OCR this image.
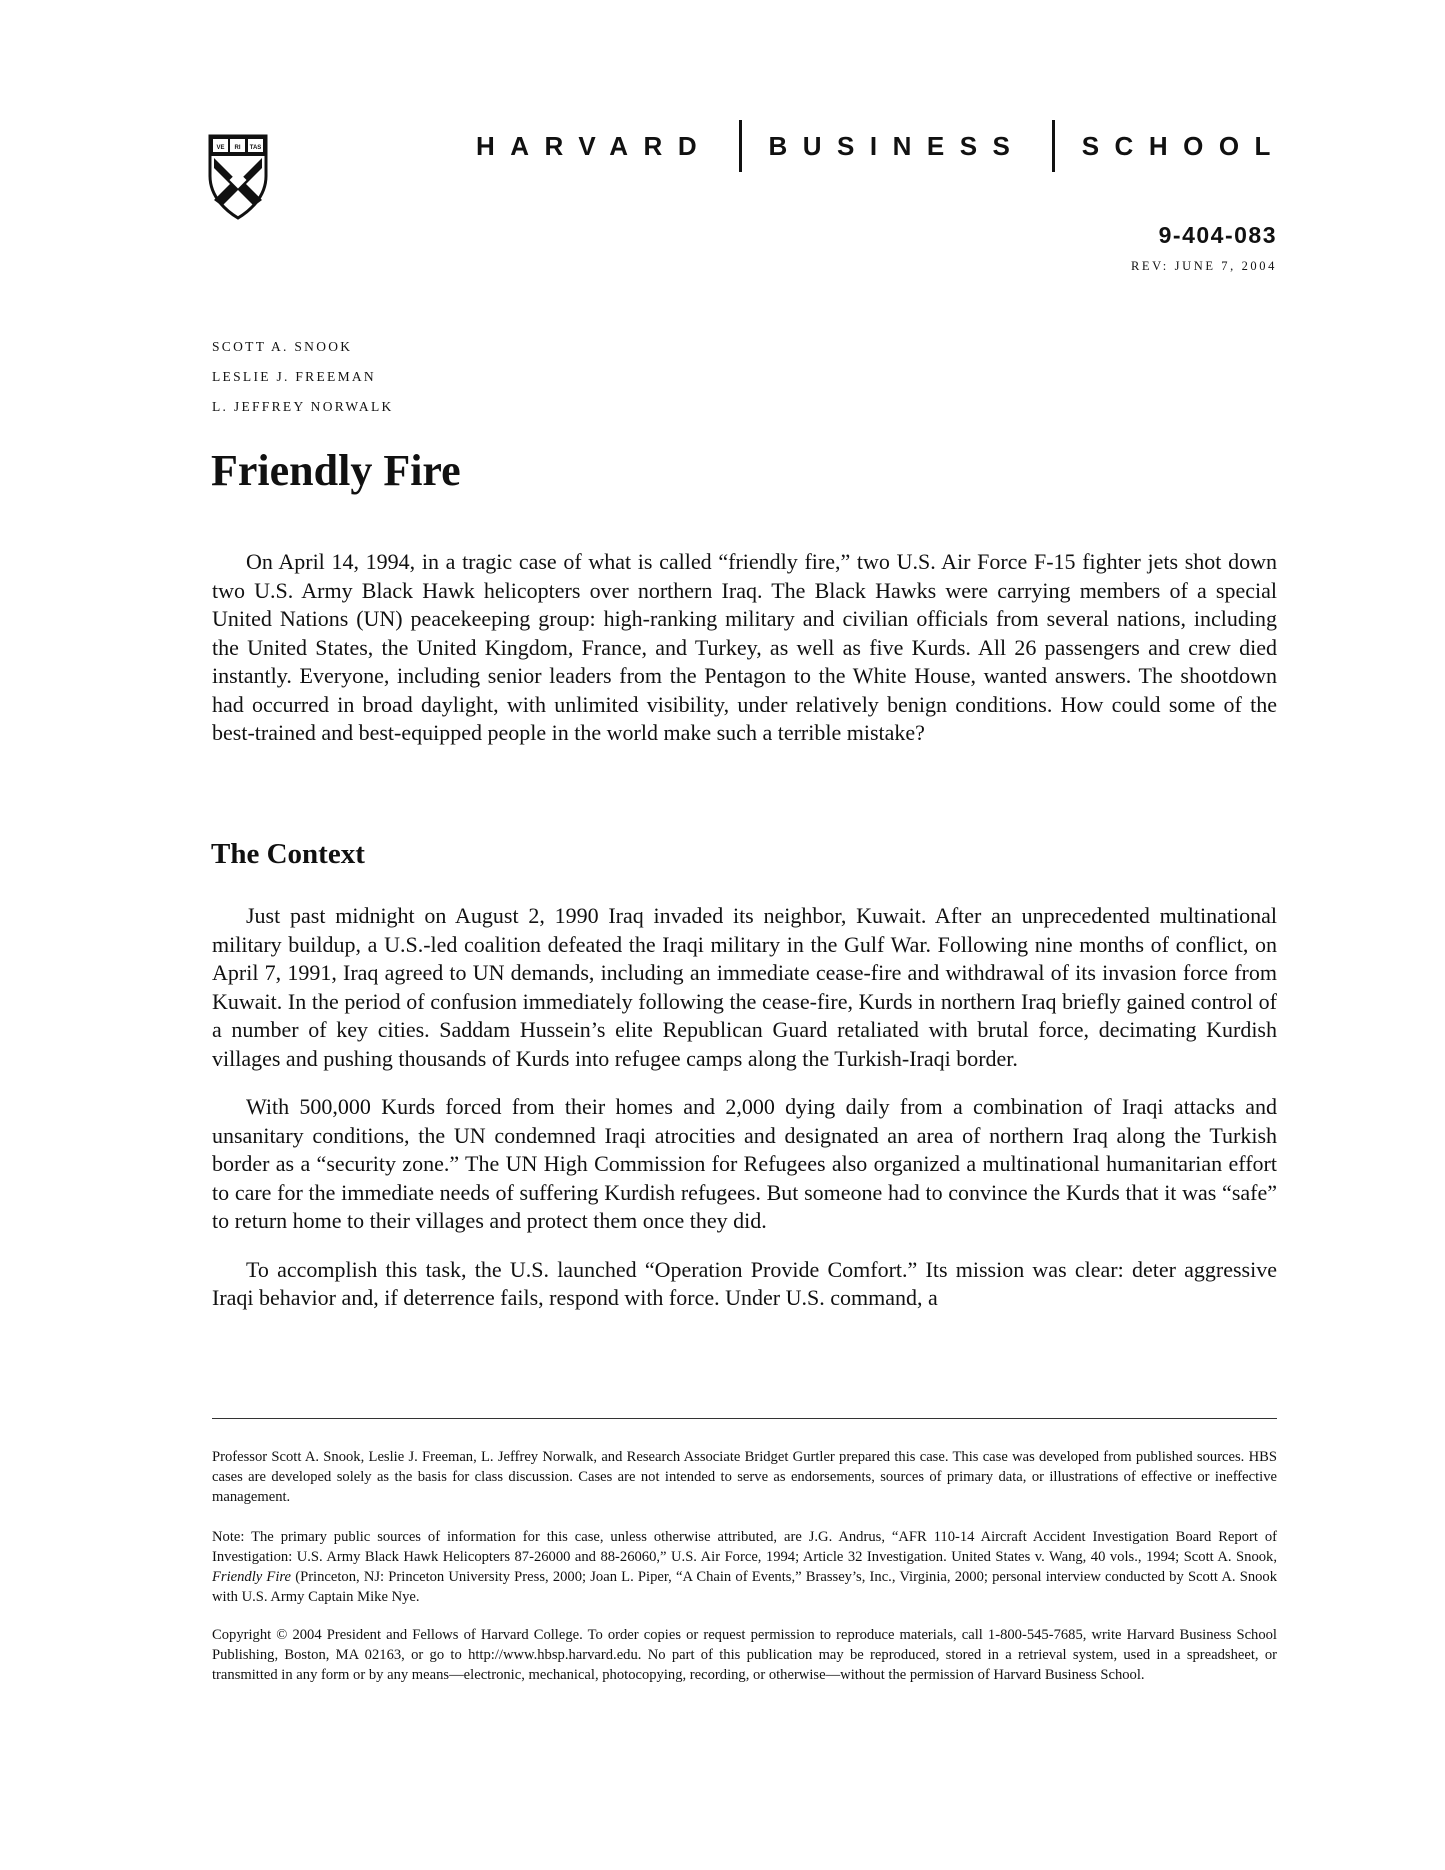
VE RI TAS	HARVARD BUSINESS SCHOOL
9-404-083
REV: JUNE 7, 2004
SCOTT A. SNOOK
LESLIE J. FREEMAN
L. JEFFREY NORWALK
Friendly Fire

On April 14, 1994, in a tragic case of what is called “friendly fire,” two U.S. Air Force F-15 fighter jets shot down two U.S. Army Black Hawk helicopters over northern Iraq. The Black Hawks were carrying members of a special United Nations (UN) peacekeeping group: high-ranking military and civilian officials from several nations, including the United States, the United Kingdom, France, and Turkey, as well as five Kurds. All 26 passengers and crew died instantly. Everyone, including senior leaders from the Pentagon to the White House, wanted answers. The shootdown had occurred in broad daylight, with unlimited visibility, under relatively benign conditions. How could some of the best-trained and best-equipped people in the world make such a terrible mistake?

The Context

Just past midnight on August 2, 1990 Iraq invaded its neighbor, Kuwait. After an unprecedented multinational military buildup, a U.S.-led coalition defeated the Iraqi military in the Gulf War. Following nine months of conflict, on April 7, 1991, Iraq agreed to UN demands, including an immediate cease-fire and withdrawal of its invasion force from Kuwait. In the period of confusion immediately following the cease-fire, Kurds in northern Iraq briefly gained control of a number of key cities. Saddam Hussein’s elite Republican Guard retaliated with brutal force, decimating Kurdish villages and pushing thousands of Kurds into refugee camps along the Turkish-Iraqi border.

With 500,000 Kurds forced from their homes and 2,000 dying daily from a combination of Iraqi attacks and unsanitary conditions, the UN condemned Iraqi atrocities and designated an area of northern Iraq along the Turkish border as a “security zone.” The UN High Commission for Refugees also organized a multinational humanitarian effort to care for the immediate needs of suffering Kurdish refugees. But someone had to convince the Kurds that it was “safe” to return home to their villages and protect them once they did.

To accomplish this task, the U.S. launched “Operation Provide Comfort.” Its mission was clear: deter aggressive Iraqi behavior and, if deterrence fails, respond with force. Under U.S. command, a

Professor Scott A. Snook, Leslie J. Freeman, L. Jeffrey Norwalk, and Research Associate Bridget Gurtler prepared this case. This case was developed from published sources. HBS cases are developed solely as the basis for class discussion. Cases are not intended to serve as endorsements, sources of primary data, or illustrations of effective or ineffective management.

Note: The primary public sources of information for this case, unless otherwise attributed, are J.G. Andrus, “AFR 110-14 Aircraft Accident Investigation Board Report of Investigation: U.S. Army Black Hawk Helicopters 87-26000 and 88-26060,” U.S. Air Force, 1994; Article 32 Investigation. United States v. Wang, 40 vols., 1994; Scott A. Snook, Friendly Fire (Princeton, NJ: Princeton University Press, 2000; Joan L. Piper, “A Chain of Events,” Brassey’s, Inc., Virginia, 2000; personal interview conducted by Scott A. Snook with U.S. Army Captain Mike Nye.

Copyright © 2004 President and Fellows of Harvard College. To order copies or request permission to reproduce materials, call 1-800-545-7685, write Harvard Business School Publishing, Boston, MA 02163, or go to http://www.hbsp.harvard.edu. No part of this publication may be reproduced, stored in a retrieval system, used in a spreadsheet, or transmitted in any form or by any means—electronic, mechanical, photocopying, recording, or otherwise—without the permission of Harvard Business School.
